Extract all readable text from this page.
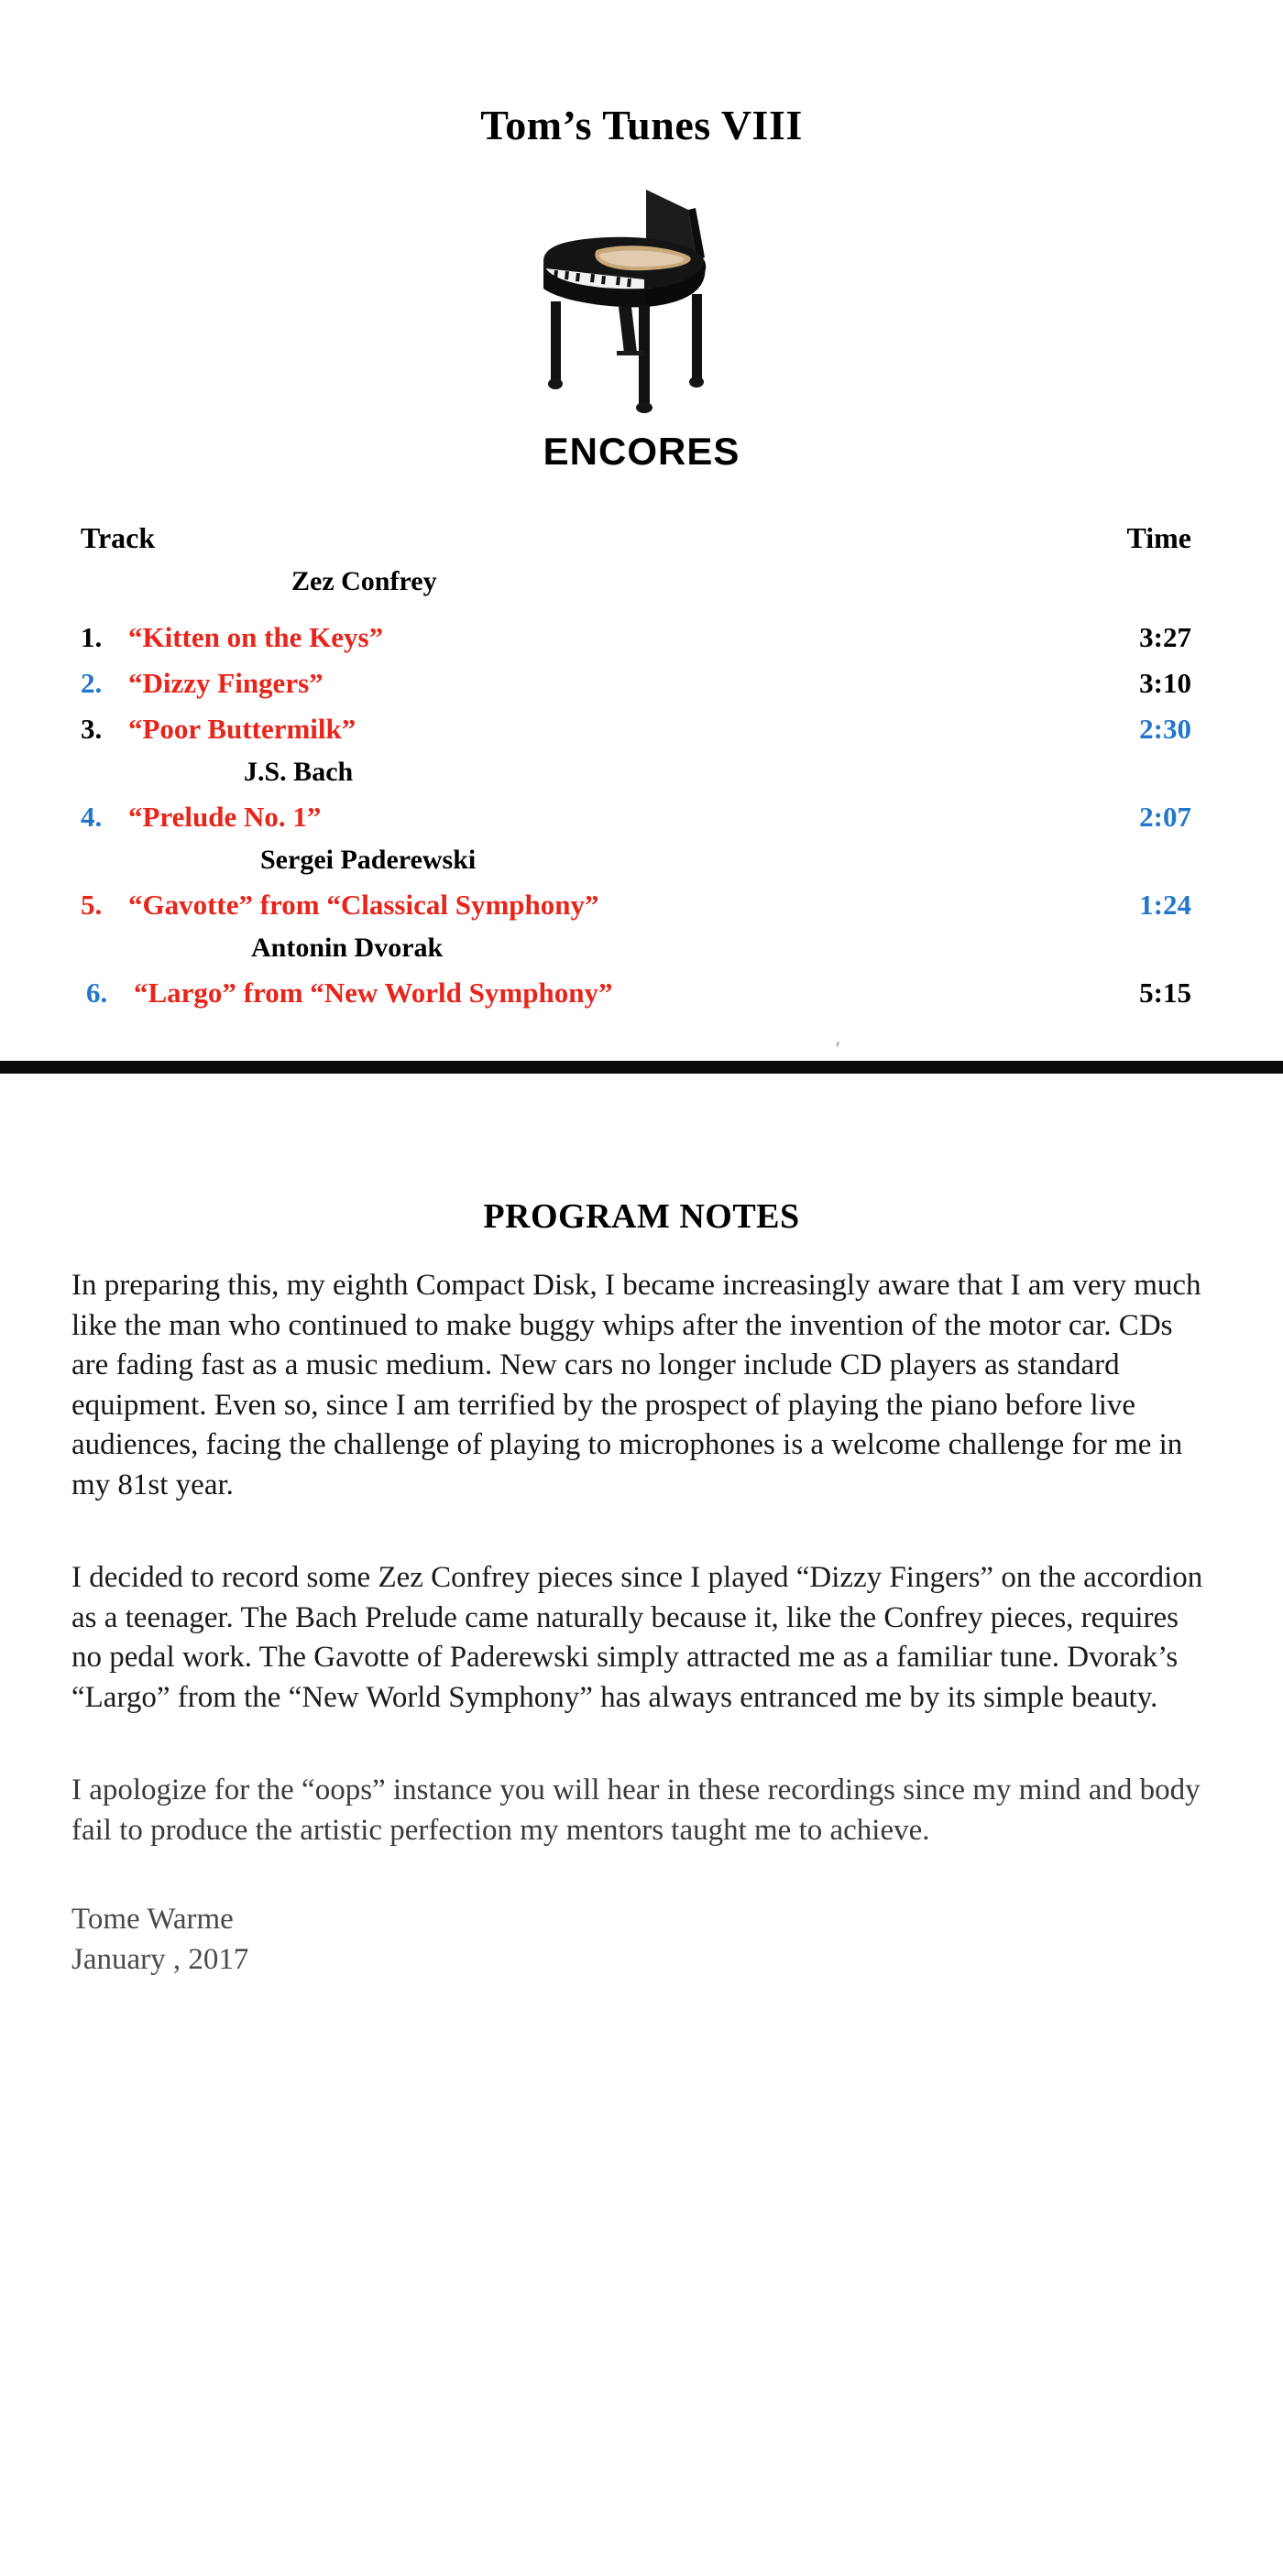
Tom’s Tunes VIII
ENCORES
Track	Time
Zez Confrey
1. “Kitten on the Keys”	3:27
2. “Dizzy Fingers”	3:10
3. “Poor Buttermilk”	2:30
J.S. Bach
4. “Prelude No. 1”	2:07
Sergei Paderewski
5. “Gavotte” from “Classical Symphony”	1:24
Antonin Dvorak
6. “Largo” from “New World Symphony”	5:15
′
PROGRAM NOTES

In preparing this, my eighth Compact Disk, I became increasingly aware that I am very much like the man who continued to make buggy whips after the invention of the motor car. CDs are fading fast as a music medium. New cars no longer include CD players as standard equipment. Even so, since I am terrified by the prospect of playing the piano before live audiences, facing the challenge of playing to microphones is a welcome challenge for me in my 81st year.

I decided to record some Zez Confrey pieces since I played “Dizzy Fingers” on the accordion as a teenager. The Bach Prelude came naturally because it, like the Confrey pieces, requires no pedal work. The Gavotte of Paderewski simply attracted me as a familiar tune. Dvorak’s “Largo” from the “New World Symphony” has always entranced me by its simple beauty.

I apologize for the “oops” instance you will hear in these recordings since my mind and body fail to produce the artistic perfection my mentors taught me to achieve.

Tome Warme
January , 2017
